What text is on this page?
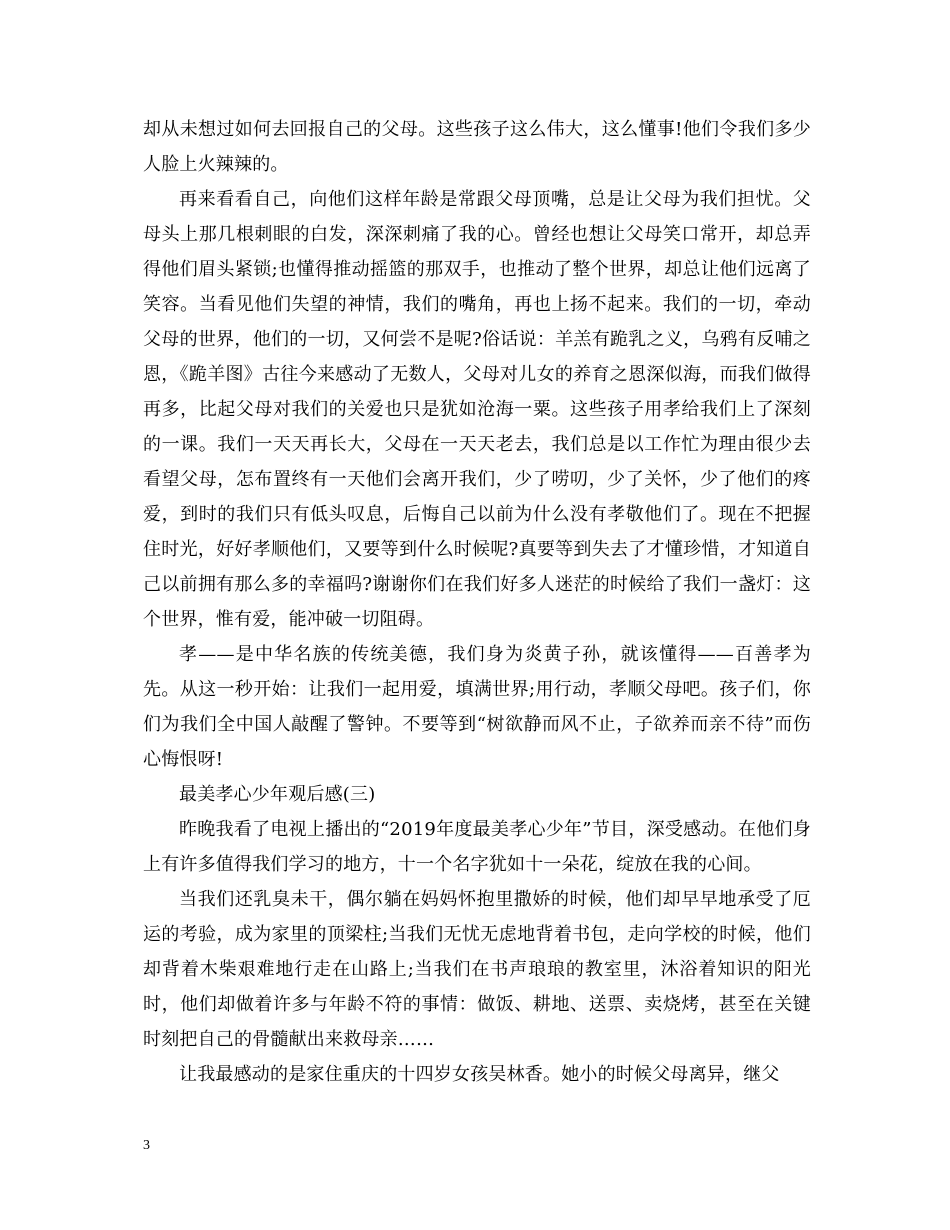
却从未想过如何去回报自己的父母。这些孩子这么伟大，这么懂事!他们令我们多少人脸上火辣辣的。

再来看看自己，向他们这样年龄是常跟父母顶嘴，总是让父母为我们担忧。父母头上那几根刺眼的白发，深深刺痛了我的心。曾经也想让父母笑口常开，却总弄得他们眉头紧锁;也懂得推动摇篮的那双手，也推动了整个世界，却总让他们远离了笑容。当看见他们失望的神情，我们的嘴角，再也上扬不起来。我们的一切，牵动父母的世界，他们的一切，又何尝不是呢?俗话说：羊羔有跪乳之义，乌鸦有反哺之恩，《跪羊图》古往今来感动了无数人，父母对儿女的养育之恩深似海，而我们做得再多，比起父母对我们的关爱也只是犹如沧海一粟。这些孩子用孝给我们上了深刻的一课。我们一天天再长大，父母在一天天老去，我们总是以工作忙为理由很少去看望父母，怎布置终有一天他们会离开我们，少了唠叨，少了关怀，少了他们的疼爱，到时的我们只有低头叹息，后悔自己以前为什么没有孝敬他们了。现在不把握住时光，好好孝顺他们，又要等到什么时候呢?真要等到失去了才懂珍惜，才知道自己以前拥有那么多的幸福吗?谢谢你们在我们好多人迷茫的时候给了我们一盏灯：这个世界，惟有爱，能冲破一切阻碍。

孝——是中华名族的传统美德，我们身为炎黄子孙，就该懂得——百善孝为先。从这一秒开始：让我们一起用爱，填满世界;用行动，孝顺父母吧。孩子们，你们为我们全中国人敲醒了警钟。不要等到“树欲静而风不止，子欲养而亲不待”而伤心悔恨呀!

最美孝心少年观后感(三)

昨晚我看了电视上播出的“2019年度最美孝心少年”节目，深受感动。在他们身上有许多值得我们学习的地方，十一个名字犹如十一朵花，绽放在我的心间。

当我们还乳臭未干，偶尔躺在妈妈怀抱里撒娇的时候，他们却早早地承受了厄运的考验，成为家里的顶梁柱;当我们无忧无虑地背着书包，走向学校的时候，他们却背着木柴艰难地行走在山路上;当我们在书声琅琅的教室里，沐浴着知识的阳光时，他们却做着许多与年龄不符的事情：做饭、耕地、送票、卖烧烤，甚至在关键时刻把自己的骨髓献出来救母亲……

让我最感动的是家住重庆的十四岁女孩吴林香。她小的时候父母离异，继父

3
